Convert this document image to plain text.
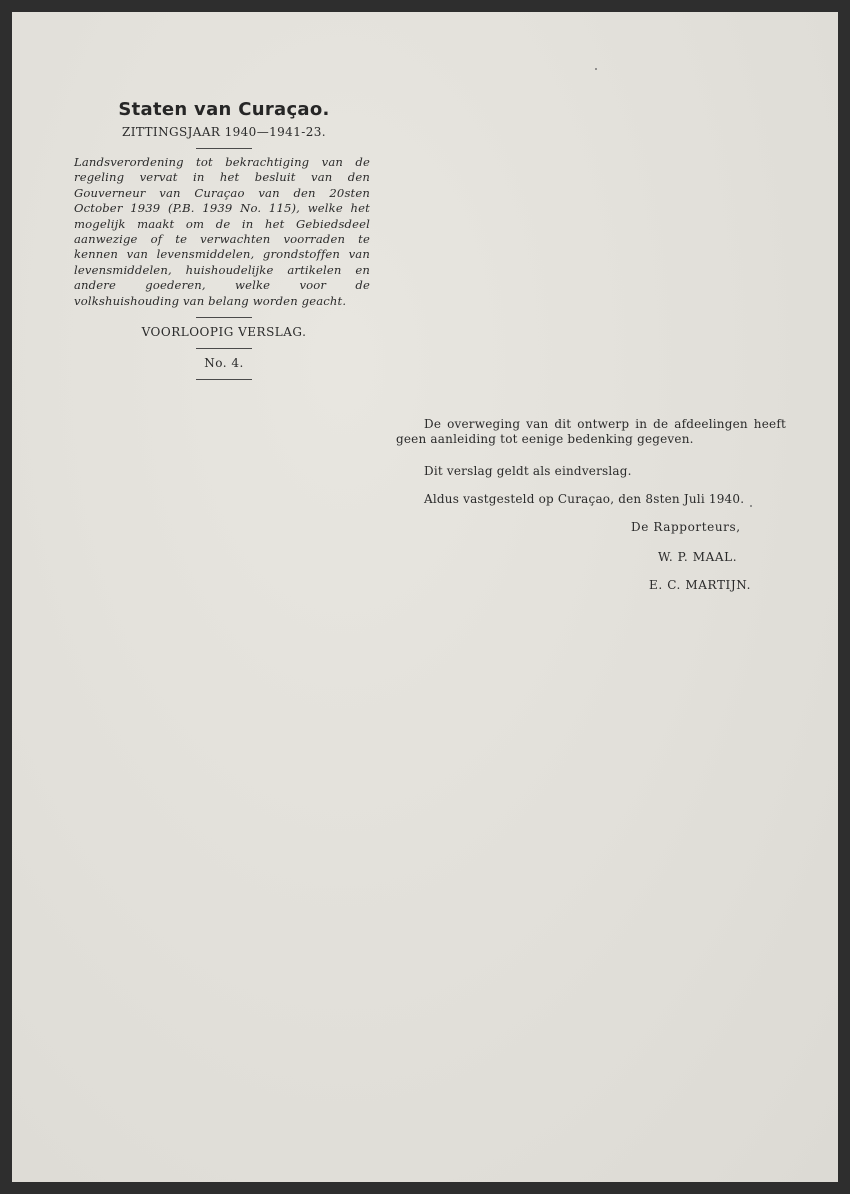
Staten van Curaçao.
ZITTINGSJAAR 1940—1941-23.

Landsverordening tot bekrachtiging van de regeling vervat in het besluit van den Gouverneur van Curaçao van den 20sten October 1939 (P.B. 1939 No. 115), welke het mogelijk maakt om de in het Gebiedsdeel aanwezige of te verwachten voorraden te kennen van levensmiddelen, grondstoffen van levensmiddelen, huishoudelijke artikelen en andere goederen, welke voor de volkshuishouding van belang worden geacht.

VOORLOOPIG VERSLAG.
No. 4.

De overweging van dit ontwerp in de afdeelingen heeft geen aanleiding tot eenige bedenking gegeven.

Dit verslag geldt als eindverslag.

Aldus vastgesteld op Curaçao, den 8sten Juli 1940.

De Rapporteurs,

W. P. MAAL.

E. C. MARTIJN.
